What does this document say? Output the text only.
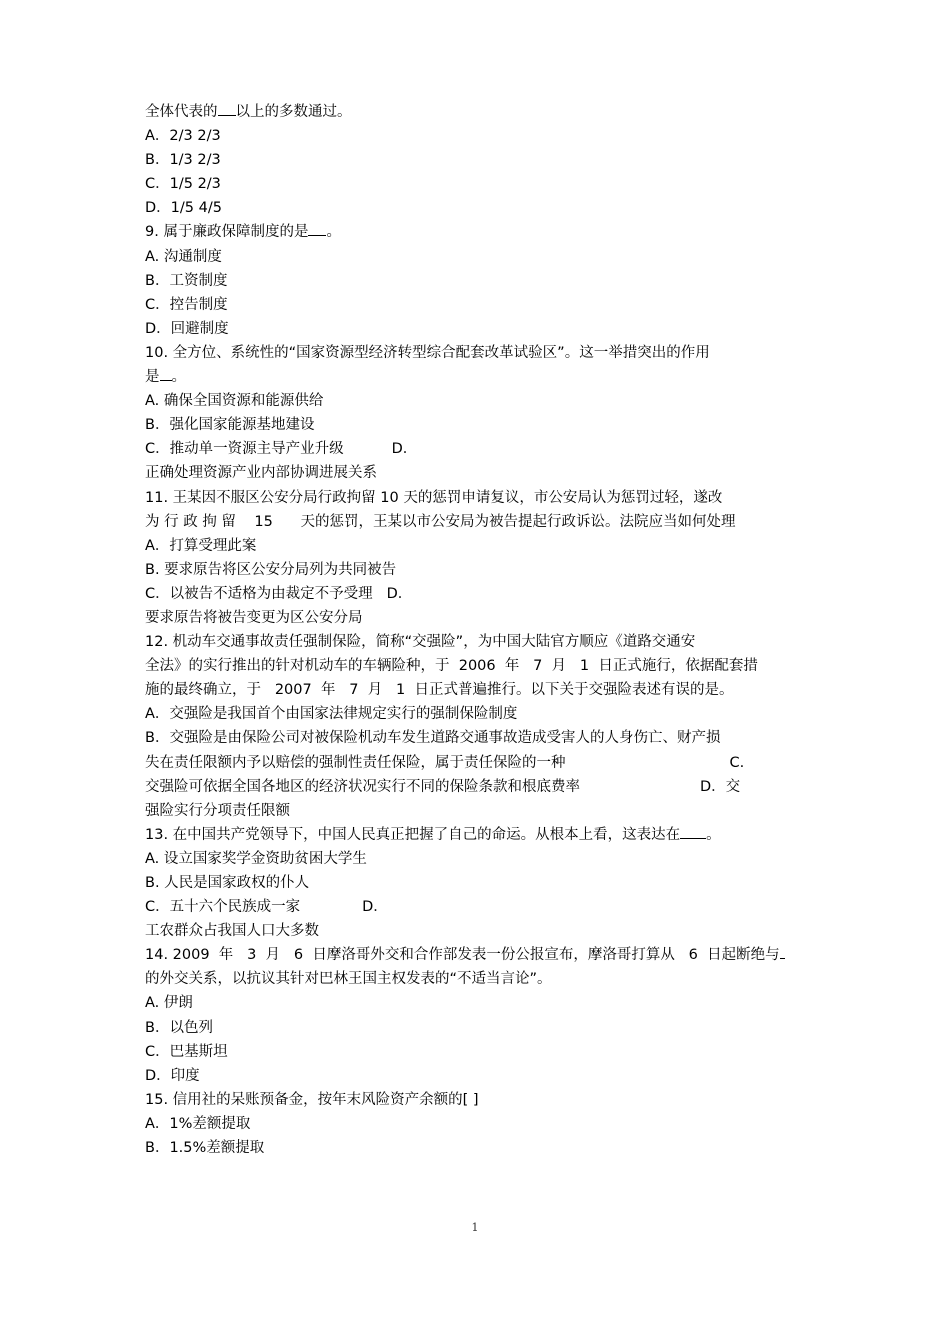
全体代表的 以上的多数通过。
A．2/3 2/3
B．1/3 2/3
C．1/5 2/3
D．1/5 4/5
9. 属于廉政保障制度的是 。
A. 沟通制度
B．工资制度
C．控告制度
D．回避制度
10. 全方位、系统性的“国家资源型经济转型综合配套改革试验区”。这一举措突出的作用
是 。
A. 确保全国资源和能源供给
B．强化国家能源基地建设
C．推动单一资源主导产业升级	D．
正确处理资源产业内部协调进展关系
11. 王某因不服区公安分局行政拘留 10 天的惩罚申请复议，市公安局认为惩罚过轻，遂改
为 行 政 拘 留    15      天的惩罚，王某以市公安局为被告提起行政诉讼。法院应当如何处理
A．打算受理此案
B. 要求原告将区公安分局列为共同被告
C．以被告不适格为由裁定不予受理 D．
要求原告将被告变更为区公安分局
12. 机动车交通事故责任强制保险，简称“交强险”，为中国大陆官方顺应《道路交通安
全法》的实行推出的针对机动车的车辆险种，于  2006  年   7  月   1  日正式施行，依据配套措
施的最终确立，于   2007  年   7  月   1  日正式普遍推行。以下关于交强险表述有误的是。
A．交强险是我国首个由国家法律规定实行的强制保险制度
B．交强险是由保险公司对被保险机动车发生道路交通事故造成受害人的人身伤亡、财产损
失在责任限额内予以赔偿的强制性责任保险，属于责任保险的一种	C.
交强险可依据全国各地区的经济状况实行不同的保险条款和根底费率	D．交
强险实行分项责任限额
13. 在中国共产党领导下，中国人民真正把握了自己的命运。从根本上看，这表达在 。
A. 设立国家奖学金资助贫困大学生
B. 人民是国家政权的仆人
C．五十六个民族成一家	D．
工农群众占我国人口大多数
14. 2009  年   3  月   6  日摩洛哥外交和合作部发表一份公报宣布，摩洛哥打算从   6  日起断绝与
的外交关系，以抗议其针对巴林王国主权发表的“不适当言论”。
A. 伊朗
B．以色列
C．巴基斯坦
D．印度
15. 信用社的呆账预备金，按年末风险资产余额的[ ]
A．1%差额提取
B．1.5%差额提取
1
